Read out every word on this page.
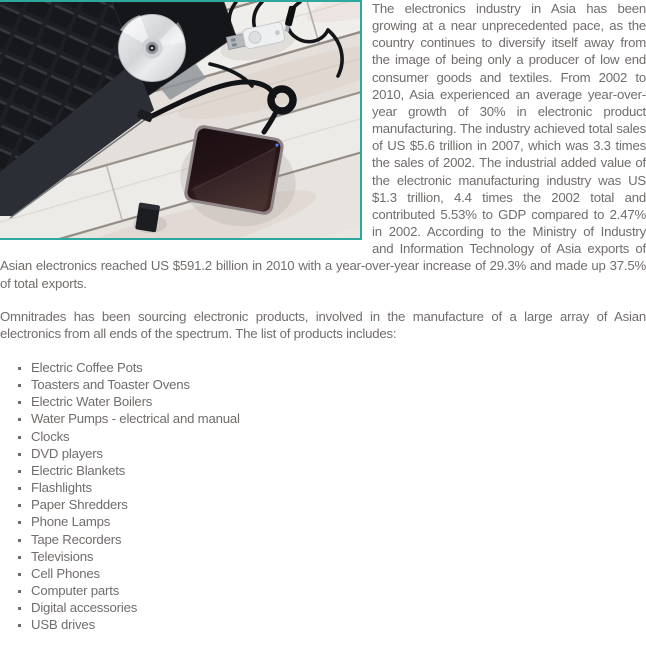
The electronics industry in Asia has been growing at a near unprecedented pace, as the country continues to diversify itself away from the image of being only a producer of low end consumer goods and textiles. From 2002 to 2010, Asia experienced an average year-over-year growth of 30% in electronic product manufacturing. The industry achieved total sales of US $5.6 trillion in 2007, which was 3.3 times the sales of 2002. The industrial added value of the electronic manufacturing industry was US $1.3 trillion, 4.4 times the 2002 total and contributed 5.53% to GDP compared to 2.47% in 2002. According to the Ministry of Industry and Information Technology of Asia exports of Asian electronics reached US $591.2 billion in 2010 with a year-over-year increase of 29.3% and made up 37.5% of total exports.

Omnitrades has been sourcing electronic products, involved in the manufacture of a large array of Asian electronics from all ends of the spectrum. The list of products includes:

▪ Electric Coffee Pots
▪ Toasters and Toaster Ovens
▪ Electric Water Boilers
▪ Water Pumps - electrical and manual
▪ Clocks
▪ DVD players
▪ Electric Blankets
▪ Flashlights
▪ Paper Shredders
▪ Phone Lamps
▪ Tape Recorders
▪ Televisions
▪ Cell Phones
▪ Computer parts
▪ Digital accessories
▪ USB drives
